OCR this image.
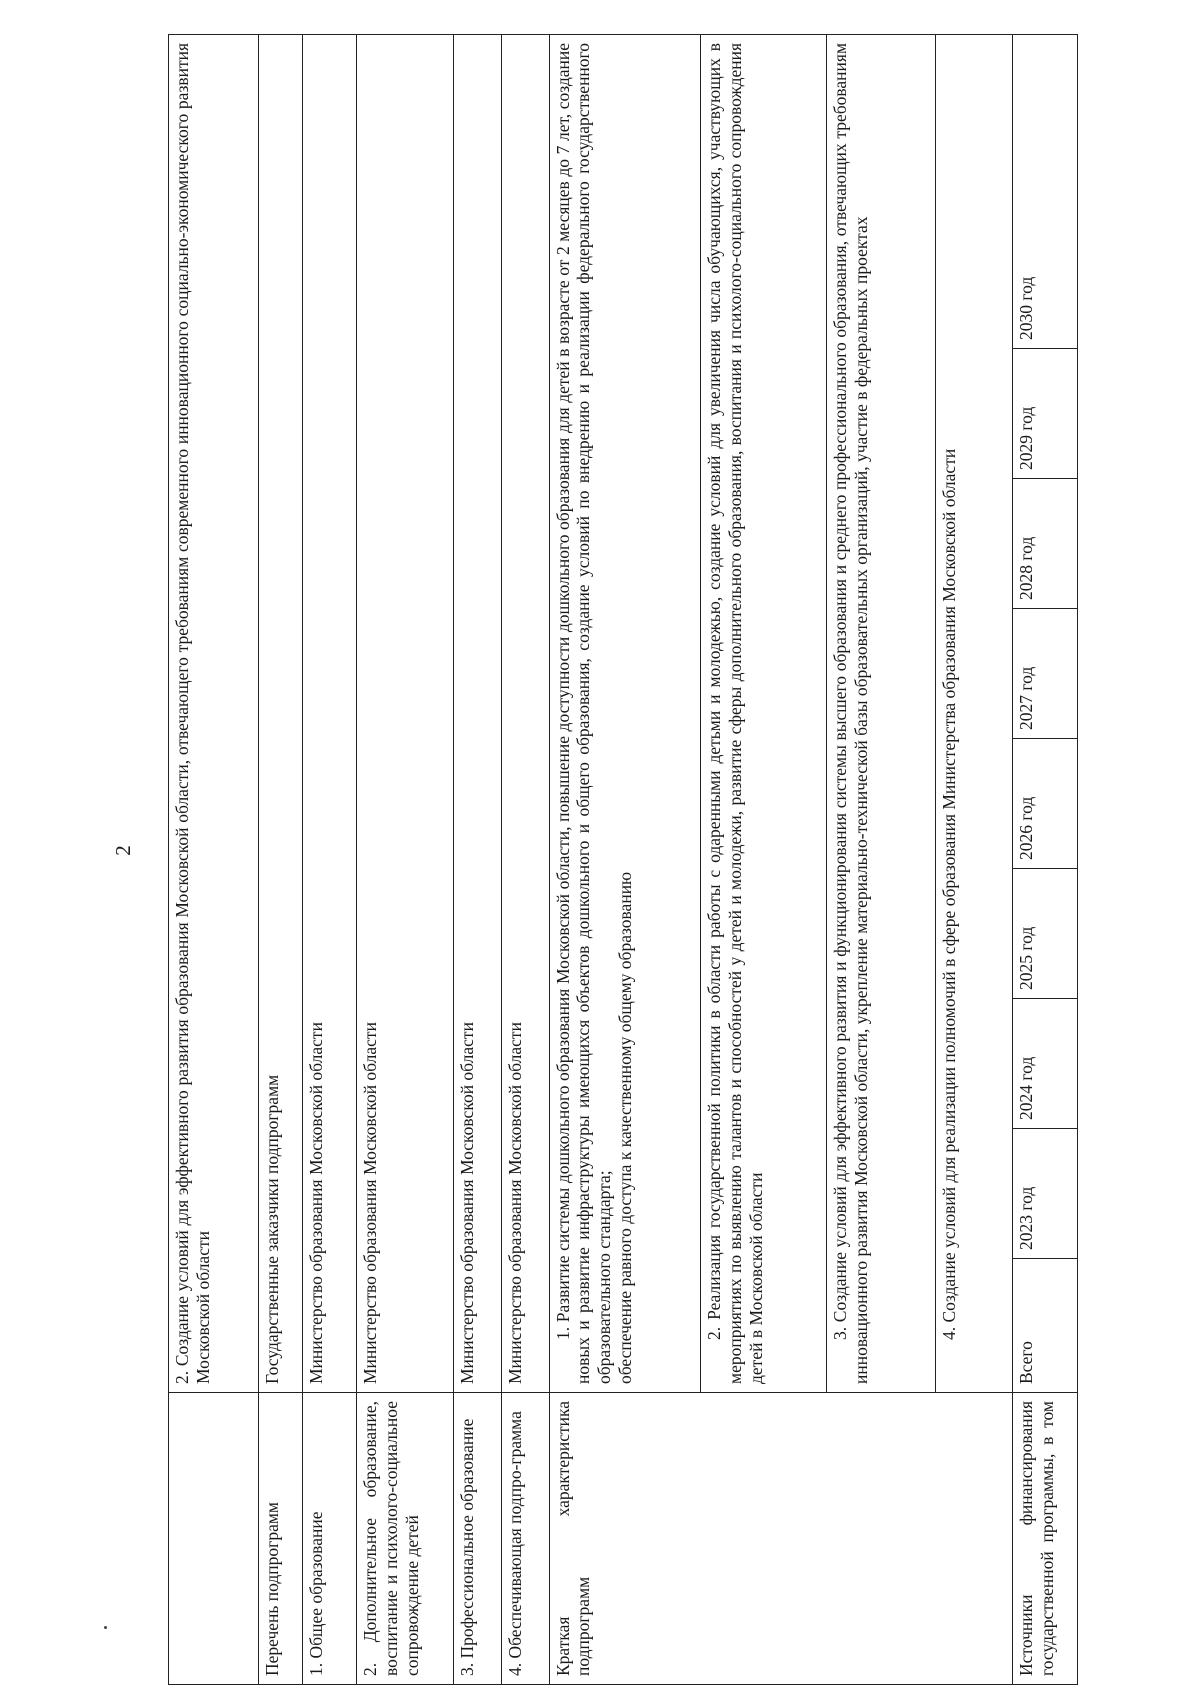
2
	2. Создание условий для эффективного развития образования Московской области, отвечающего требованиям современного инновационного социально-экономического развития Московской области								
Перечень подпрограмм	Государственные заказчики подпрограмм								
1. Общее образование	Министерство образования Московской области								
2. Дополнительное образование, воспитание и психолого-социальное сопровождение детей	Министерство образования Московской области								
3. Профессиональное образование	Министерство образования Московской области								
4. Обеспечивающая подпро-грамма	Министерство образования Московской области								
Краткая характеристика подпрограмм	1. Развитие системы дошкольного образования Московской области, повышение доступности дошкольного образования для детей в возрасте от 2 месяцев до 7 лет, создание новых и развитие инфраструктуры имеющихся объектов дошкольного и общего образования, создание условий по внедрению и реализации федерального государственного образовательного стандарта; обеспечение равного доступа к качественному общему образованию								

	2. Реализация государственной политики в области работы с одаренными детьми и молодежью, создание условий для увеличения числа обучающихся, участвующих в мероприятиях по выявлению талантов и способностей у детей и молодежи, развитие сферы дополнительного образования, воспитания и психолого-социального сопровождения детей в Московской области								

	3. Создание условий для эффективного развития и функционирования системы высшего образования и среднего профессионального образования, отвечающих требованиям инновационного развития Московской области, укрепление материально-технической базы образовательных организаций, участие в федеральных проектах								

	4. Создание условий для реализации полномочий в сфере образования Министерства образования Московской области								

Источники финансирования государственной программы, в том	Всего	2023 год	2024 год	2025 год	2026 год	2027 год	2028 год	2029 год	2030 год
